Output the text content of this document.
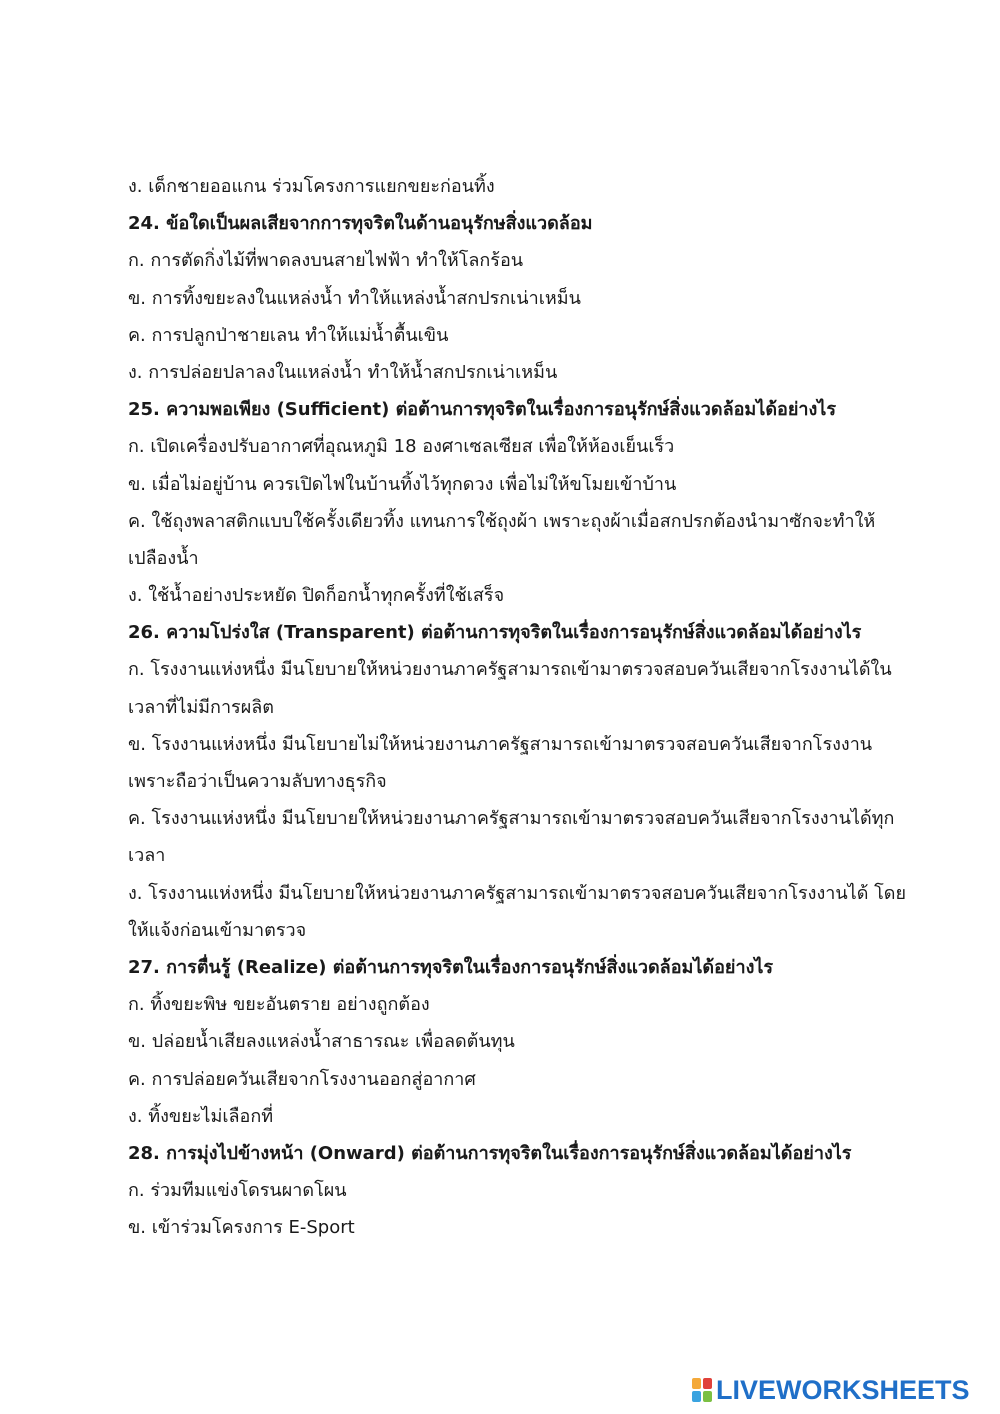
ง. เด็กชายออแกน ร่วมโครงการแยกขยะก่อนทิ้ง
24. ข้อใดเป็นผลเสียจากการทุจริตในด้านอนุรักษสิ่งแวดล้อม
ก. การตัดกิ่งไม้ที่พาดลงบนสายไฟฟ้า ทำให้โลกร้อน
ข. การทิ้งขยะลงในแหล่งน้ำ ทำให้แหล่งน้ำสกปรกเน่าเหม็น
ค. การปลูกป่าชายเลน ทำให้แม่น้ำตื้นเขิน
ง. การปล่อยปลาลงในแหล่งน้ำ ทำให้น้ำสกปรกเน่าเหม็น
25. ความพอเพียง (Sufficient) ต่อต้านการทุจริตในเรื่องการอนุรักษ์สิ่งแวดล้อมได้อย่างไร
ก. เปิดเครื่องปรับอากาศที่อุณหภูมิ 18 องศาเซลเซียส เพื่อให้ห้องเย็นเร็ว
ข. เมื่อไม่อยู่บ้าน ควรเปิดไฟในบ้านทิ้งไว้ทุกดวง เพื่อไม่ให้ขโมยเข้าบ้าน
ค. ใช้ถุงพลาสติกแบบใช้ครั้งเดียวทิ้ง แทนการใช้ถุงผ้า เพราะถุงผ้าเมื่อสกปรกต้องนำมาซักจะทำให้
เปลืองน้ำ
ง. ใช้น้ำอย่างประหยัด ปิดก็อกน้ำทุกครั้งที่ใช้เสร็จ
26. ความโปร่งใส (Transparent) ต่อต้านการทุจริตในเรื่องการอนุรักษ์สิ่งแวดล้อมได้อย่างไร
ก. โรงงานแห่งหนึ่ง มีนโยบายให้หน่วยงานภาครัฐสามารถเข้ามาตรวจสอบควันเสียจากโรงงานได้ใน
เวลาที่ไม่มีการผลิต
ข. โรงงานแห่งหนึ่ง มีนโยบายไม่ให้หน่วยงานภาครัฐสามารถเข้ามาตรวจสอบควันเสียจากโรงงาน
เพราะถือว่าเป็นความลับทางธุรกิจ
ค. โรงงานแห่งหนึ่ง มีนโยบายให้หน่วยงานภาครัฐสามารถเข้ามาตรวจสอบควันเสียจากโรงงานได้ทุก
เวลา
ง. โรงงานแห่งหนึ่ง มีนโยบายให้หน่วยงานภาครัฐสามารถเข้ามาตรวจสอบควันเสียจากโรงงานได้ โดย
ให้แจ้งก่อนเข้ามาตรวจ
27. การตื่นรู้ (Realize) ต่อต้านการทุจริตในเรื่องการอนุรักษ์สิ่งแวดล้อมได้อย่างไร
ก. ทิ้งขยะพิษ ขยะอันตราย อย่างถูกต้อง
ข. ปล่อยน้ำเสียลงแหล่งน้ำสาธารณะ เพื่อลดต้นทุน
ค. การปล่อยควันเสียจากโรงงานออกสู่อากาศ
ง. ทิ้งขยะไม่เลือกที่
28. การมุ่งไปข้างหน้า (Onward) ต่อต้านการทุจริตในเรื่องการอนุรักษ์สิ่งแวดล้อมได้อย่างไร
ก. ร่วมทีมแข่งโดรนผาดโผน
ข. เข้าร่วมโครงการ E-Sport
LIVEWORKSHEETS
